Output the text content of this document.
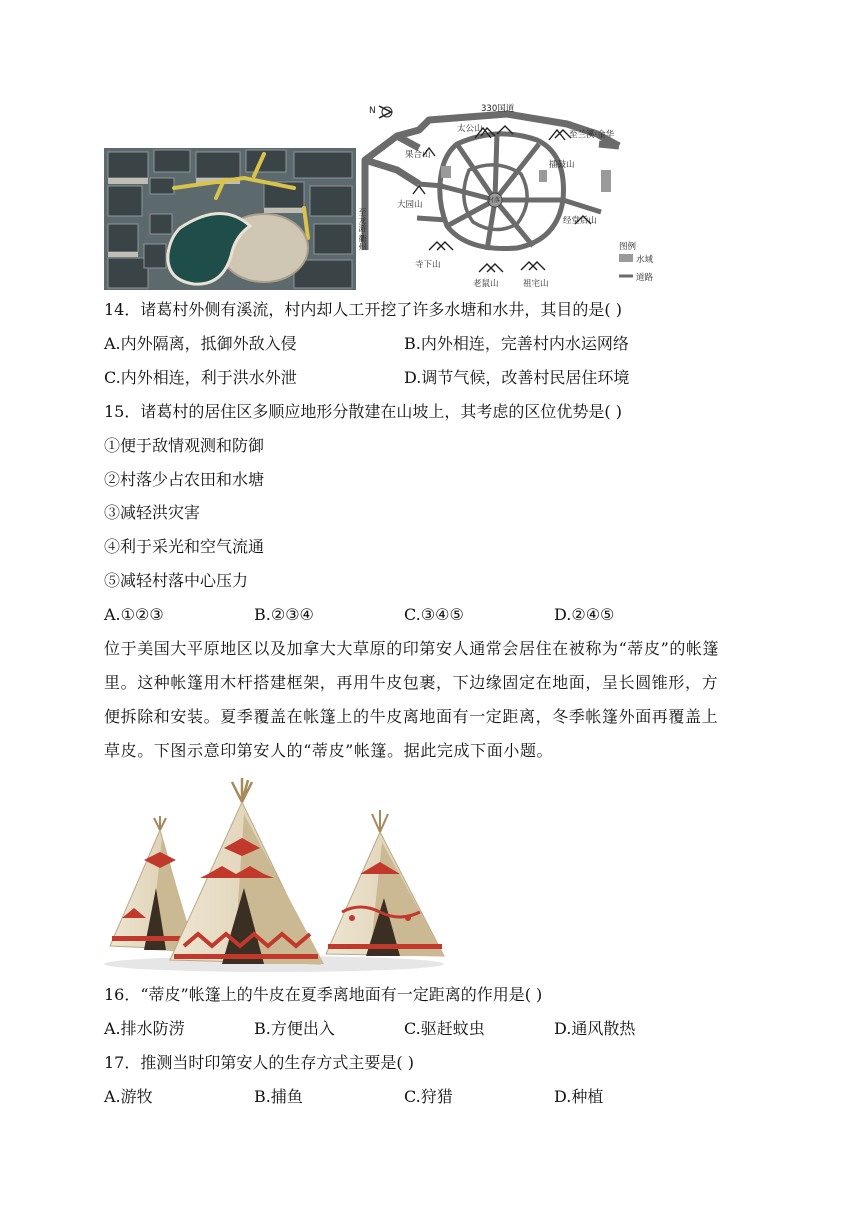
N	330国道
至兰溪·金华
至龙游·衢州
太公山
果合山
擂鼓山
大园山
经堂后山
寺下山
老鼠山	祖宅山
村落
图例
水域
道路
14．诸葛村外侧有溪流，村内却人工开挖了许多水塘和水井，其目的是( )
A.内外隔离，抵御外敌入侵	B.内外相连，完善村内水运网络
C.内外相连，利于洪水外泄	D.调节气候，改善村民居住环境
15．诸葛村的居住区多顺应地形分散建在山坡上，其考虑的区位优势是( )
①便于敌情观测和防御
②村落少占农田和水塘
③减轻洪灾害
④利于采光和空气流通
⑤减轻村落中心压力
A.①②③	B.②③④	C.③④⑤	D.②④⑤
位于美国大平原地区以及加拿大大草原的印第安人通常会居住在被称为“蒂皮”的帐篷
里。这种帐篷用木杆搭建框架，再用牛皮包裹，下边缘固定在地面，呈长圆锥形，方
便拆除和安装。夏季覆盖在帐篷上的牛皮离地面有一定距离，冬季帐篷外面再覆盖上
草皮。下图示意印第安人的“蒂皮”帐篷。据此完成下面小题。
16．“蒂皮”帐篷上的牛皮在夏季离地面有一定距离的作用是( )
A.排水防涝	B.方便出入	C.驱赶蚊虫	D.通风散热
17．推测当时印第安人的生存方式主要是( )
A.游牧	B.捕鱼	C.狩猎	D.种植
